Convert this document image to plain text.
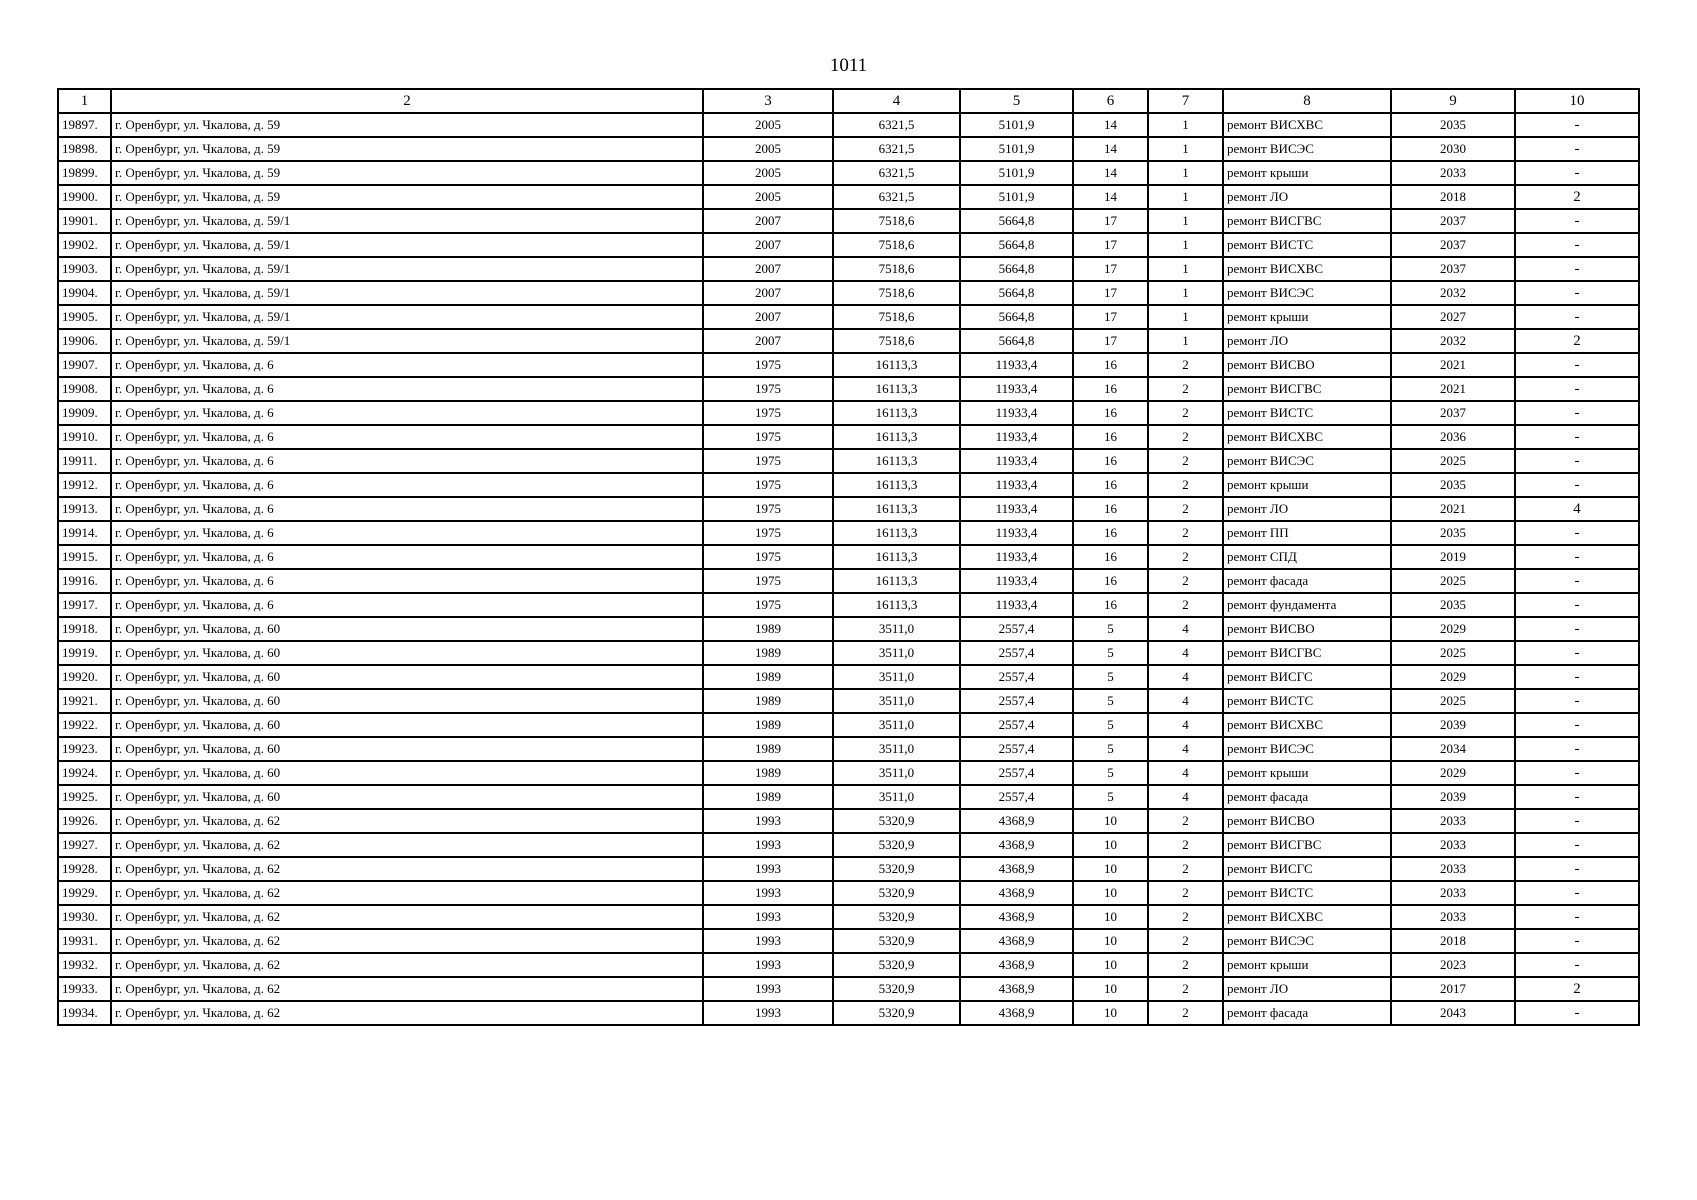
1011
1	2	3	4	5	6	7	8	9	10
19897.	г. Оренбург, ул. Чкалова, д. 59	2005	6321,5	5101,9	14	1	ремонт ВИСХВС	2035	-
19898.	г. Оренбург, ул. Чкалова, д. 59	2005	6321,5	5101,9	14	1	ремонт ВИСЭС	2030	-
19899.	г. Оренбург, ул. Чкалова, д. 59	2005	6321,5	5101,9	14	1	ремонт крыши	2033	-
19900.	г. Оренбург, ул. Чкалова, д. 59	2005	6321,5	5101,9	14	1	ремонт ЛО	2018	2
19901.	г. Оренбург, ул. Чкалова, д. 59/1	2007	7518,6	5664,8	17	1	ремонт ВИСГВС	2037	-
19902.	г. Оренбург, ул. Чкалова, д. 59/1	2007	7518,6	5664,8	17	1	ремонт ВИСТС	2037	-
19903.	г. Оренбург, ул. Чкалова, д. 59/1	2007	7518,6	5664,8	17	1	ремонт ВИСХВС	2037	-
19904.	г. Оренбург, ул. Чкалова, д. 59/1	2007	7518,6	5664,8	17	1	ремонт ВИСЭС	2032	-
19905.	г. Оренбург, ул. Чкалова, д. 59/1	2007	7518,6	5664,8	17	1	ремонт крыши	2027	-
19906.	г. Оренбург, ул. Чкалова, д. 59/1	2007	7518,6	5664,8	17	1	ремонт ЛО	2032	2
19907.	г. Оренбург, ул. Чкалова, д. 6	1975	16113,3	11933,4	16	2	ремонт ВИСВО	2021	-
19908.	г. Оренбург, ул. Чкалова, д. 6	1975	16113,3	11933,4	16	2	ремонт ВИСГВС	2021	-
19909.	г. Оренбург, ул. Чкалова, д. 6	1975	16113,3	11933,4	16	2	ремонт ВИСТС	2037	-
19910.	г. Оренбург, ул. Чкалова, д. 6	1975	16113,3	11933,4	16	2	ремонт ВИСХВС	2036	-
19911.	г. Оренбург, ул. Чкалова, д. 6	1975	16113,3	11933,4	16	2	ремонт ВИСЭС	2025	-
19912.	г. Оренбург, ул. Чкалова, д. 6	1975	16113,3	11933,4	16	2	ремонт крыши	2035	-
19913.	г. Оренбург, ул. Чкалова, д. 6	1975	16113,3	11933,4	16	2	ремонт ЛО	2021	4
19914.	г. Оренбург, ул. Чкалова, д. 6	1975	16113,3	11933,4	16	2	ремонт ПП	2035	-
19915.	г. Оренбург, ул. Чкалова, д. 6	1975	16113,3	11933,4	16	2	ремонт СПД	2019	-
19916.	г. Оренбург, ул. Чкалова, д. 6	1975	16113,3	11933,4	16	2	ремонт фасада	2025	-
19917.	г. Оренбург, ул. Чкалова, д. 6	1975	16113,3	11933,4	16	2	ремонт фундамента	2035	-
19918.	г. Оренбург, ул. Чкалова, д. 60	1989	3511,0	2557,4	5	4	ремонт ВИСВО	2029	-
19919.	г. Оренбург, ул. Чкалова, д. 60	1989	3511,0	2557,4	5	4	ремонт ВИСГВС	2025	-
19920.	г. Оренбург, ул. Чкалова, д. 60	1989	3511,0	2557,4	5	4	ремонт ВИСГС	2029	-
19921.	г. Оренбург, ул. Чкалова, д. 60	1989	3511,0	2557,4	5	4	ремонт ВИСТС	2025	-
19922.	г. Оренбург, ул. Чкалова, д. 60	1989	3511,0	2557,4	5	4	ремонт ВИСХВС	2039	-
19923.	г. Оренбург, ул. Чкалова, д. 60	1989	3511,0	2557,4	5	4	ремонт ВИСЭС	2034	-
19924.	г. Оренбург, ул. Чкалова, д. 60	1989	3511,0	2557,4	5	4	ремонт крыши	2029	-
19925.	г. Оренбург, ул. Чкалова, д. 60	1989	3511,0	2557,4	5	4	ремонт фасада	2039	-
19926.	г. Оренбург, ул. Чкалова, д. 62	1993	5320,9	4368,9	10	2	ремонт ВИСВО	2033	-
19927.	г. Оренбург, ул. Чкалова, д. 62	1993	5320,9	4368,9	10	2	ремонт ВИСГВС	2033	-
19928.	г. Оренбург, ул. Чкалова, д. 62	1993	5320,9	4368,9	10	2	ремонт ВИСГС	2033	-
19929.	г. Оренбург, ул. Чкалова, д. 62	1993	5320,9	4368,9	10	2	ремонт ВИСТС	2033	-
19930.	г. Оренбург, ул. Чкалова, д. 62	1993	5320,9	4368,9	10	2	ремонт ВИСХВС	2033	-
19931.	г. Оренбург, ул. Чкалова, д. 62	1993	5320,9	4368,9	10	2	ремонт ВИСЭС	2018	-
19932.	г. Оренбург, ул. Чкалова, д. 62	1993	5320,9	4368,9	10	2	ремонт крыши	2023	-
19933.	г. Оренбург, ул. Чкалова, д. 62	1993	5320,9	4368,9	10	2	ремонт ЛО	2017	2
19934.	г. Оренбург, ул. Чкалова, д. 62	1993	5320,9	4368,9	10	2	ремонт фасада	2043	-
